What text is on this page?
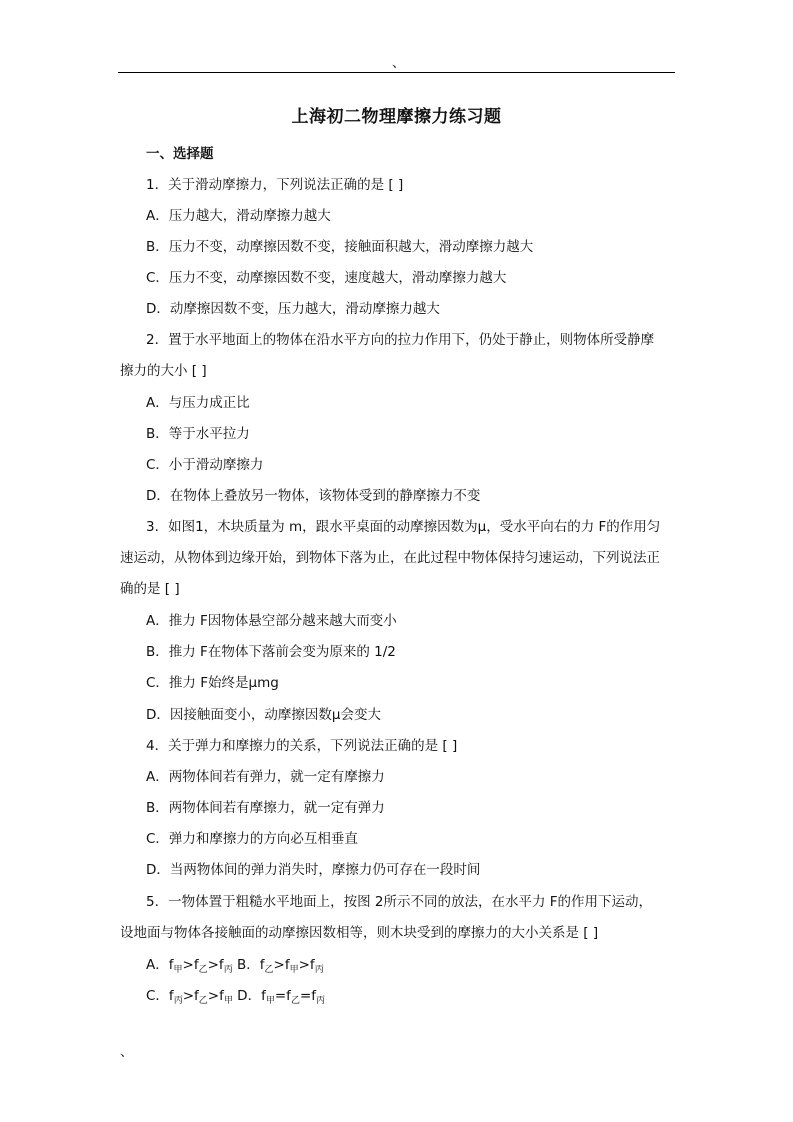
、
上海初二物理摩擦力练习题
一、选择题
1．关于滑动摩擦力，下列说法正确的是 [ ]
A．压力越大，滑动摩擦力越大
B．压力不变，动摩擦因数不变，接触面积越大，滑动摩擦力越大
C．压力不变，动摩擦因数不变，速度越大，滑动摩擦力越大
D．动摩擦因数不变，压力越大，滑动摩擦力越大
2．置于水平地面上的物体在沿水平方向的拉力作用下，仍处于静止，则物体所受静摩
擦力的大小 [ ]
A．与压力成正比
B．等于水平拉力
C．小于滑动摩擦力
D．在物体上叠放另一物体，该物体受到的静摩擦力不变
3．如图1，木块质量为 m，跟水平桌面的动摩擦因数为μ，受水平向右的力 F的作用匀
速运动，从物体到边缘开始，到物体下落为止，在此过程中物体保持匀速运动，下列说法正
确的是 [ ]
A．推力 F因物体悬空部分越来越大而变小
B．推力 F在物体下落前会变为原来的 1/2
C．推力 F始终是μmg
D．因接触面变小，动摩擦因数μ会变大
4．关于弹力和摩擦力的关系，下列说法正确的是 [ ]
A．两物体间若有弹力，就一定有摩擦力
B．两物体间若有摩擦力，就一定有弹力
C．弹力和摩擦力的方向必互相垂直
D．当两物体间的弹力消失时，摩擦力仍可存在一段时间
5．一物体置于粗糙水平地面上，按图 2所示不同的放法，在水平力 F的作用下运动，
设地面与物体各接触面的动摩擦因数相等，则木块受到的摩擦力的大小关系是 [ ]
A．$f_甲>f_乙>f_丙$ B．$f_乙>f_甲>f_丙$
C．$f_丙>f_乙>f_甲$ D．$f_甲=f_乙=f_丙$
、
